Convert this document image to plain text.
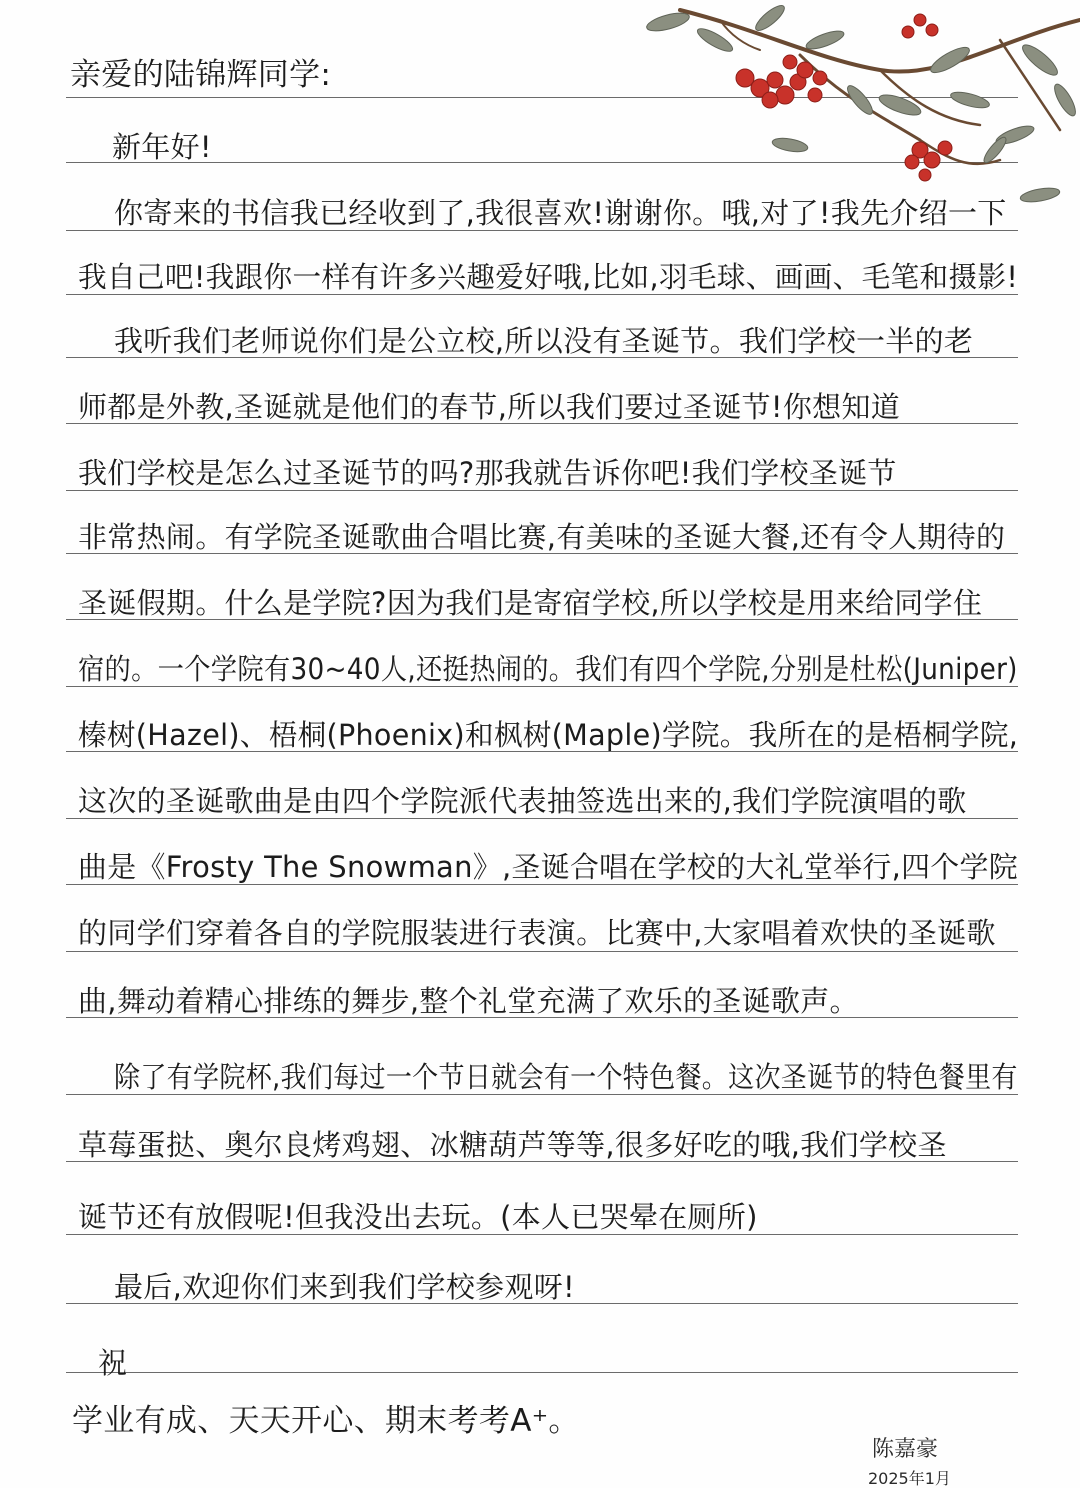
亲爱的陆锦辉同学:
新年好!
你寄来的书信我已经收到了,我很喜欢!谢谢你。哦,对了!我先介绍一下
我自己吧!我跟你一样有许多兴趣爱好哦,比如,羽毛球、画画、毛笔和摄影!
我听我们老师说你们是公立校,所以没有圣诞节。我们学校一半的老
师都是外教,圣诞就是他们的春节,所以我们要过圣诞节!你想知道
我们学校是怎么过圣诞节的吗?那我就告诉你吧!我们学校圣诞节
非常热闹。有学院圣诞歌曲合唱比赛,有美味的圣诞大餐,还有令人期待的
圣诞假期。什么是学院?因为我们是寄宿学校,所以学校是用来给同学住
宿的。一个学院有30~40人,还挺热闹的。我们有四个学院,分别是杜松(Juniper)
榛树(Hazel)、梧桐(Phoenix)和枫树(Maple)学院。我所在的是梧桐学院,
这次的圣诞歌曲是由四个学院派代表抽签选出来的,我们学院演唱的歌
曲是《Frosty The Snowman》,圣诞合唱在学校的大礼堂举行,四个学院
的同学们穿着各自的学院服装进行表演。比赛中,大家唱着欢快的圣诞歌
曲,舞动着精心排练的舞步,整个礼堂充满了欢乐的圣诞歌声。
除了有学院杯,我们每过一个节日就会有一个特色餐。这次圣诞节的特色餐里有
草莓蛋挞、奥尔良烤鸡翅、冰糖葫芦等等,很多好吃的哦,我们学校圣
诞节还有放假呢!但我没出去玩。(本人已哭晕在厕所)
最后,欢迎你们来到我们学校参观呀!
祝
学业有成、天天开心、期末考考A⁺。
陈嘉豪
2025年1月
